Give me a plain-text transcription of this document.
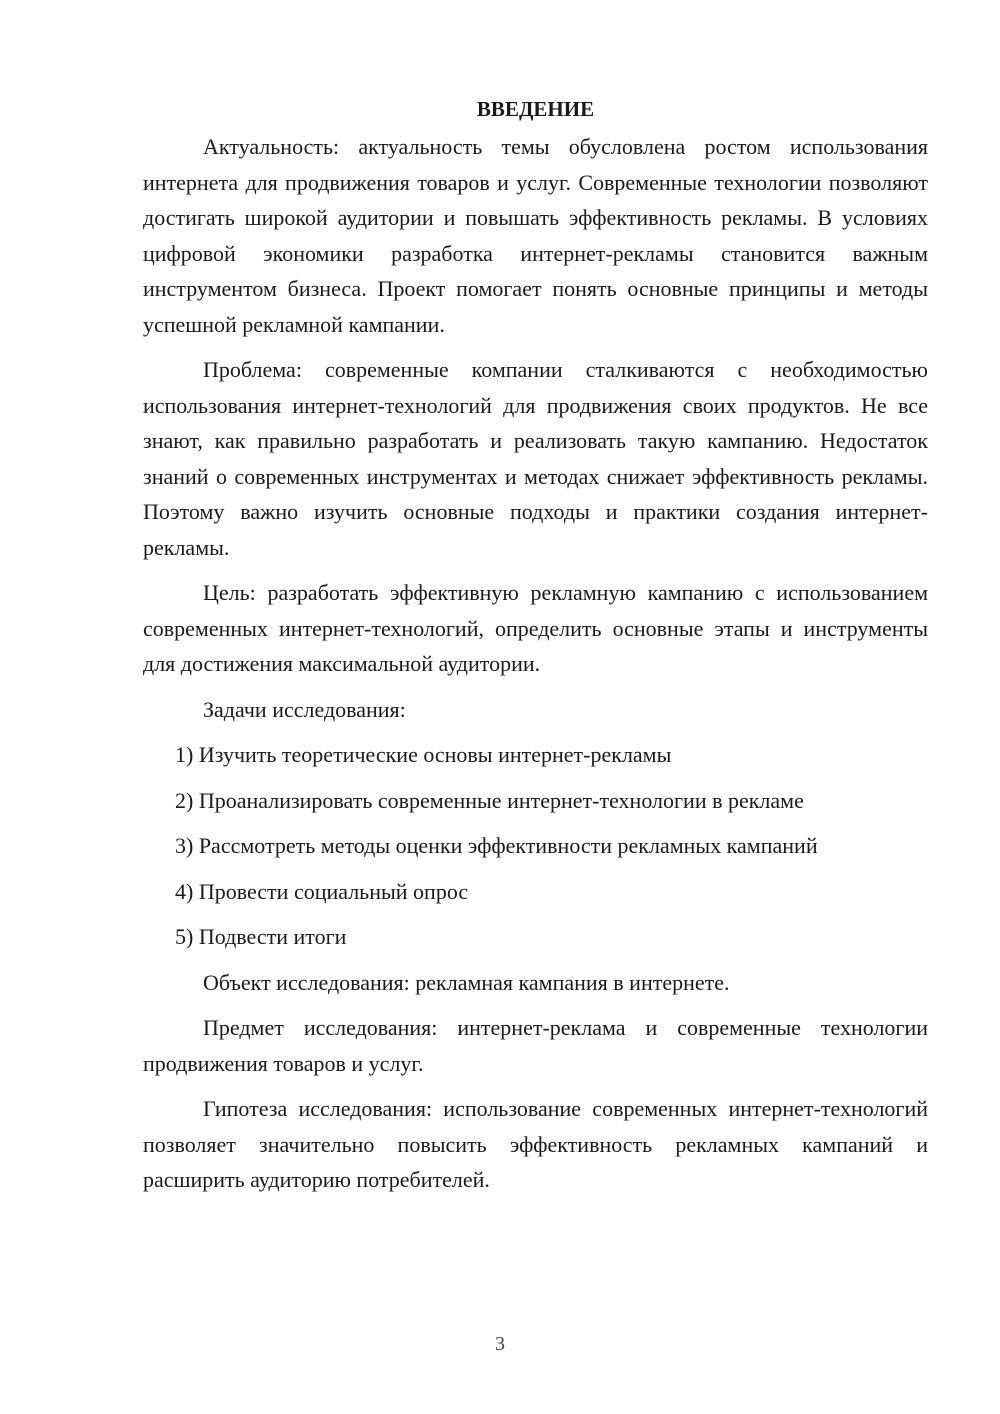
ВВЕДЕНИЕ

Актуальность: актуальность темы обусловлена ростом использования интернета для продвижения товаров и услуг. Современные технологии позволяют достигать широкой аудитории и повышать эффективность рекламы. В условиях цифровой экономики разработка интернет-рекламы становится важным инструментом бизнеса. Проект помогает понять основные принципы и методы успешной рекламной кампании.

Проблема: современные компании сталкиваются с необходимостью использования интернет-технологий для продвижения своих продуктов. Не все знают, как правильно разработать и реализовать такую кампанию. Недостаток знаний о современных инструментах и методах снижает эффективность рекламы. Поэтому важно изучить основные подходы и практики создания интернет-рекламы.

Цель: разработать эффективную рекламную кампанию с использованием современных интернет-технологий, определить основные этапы и инструменты для достижения максимальной аудитории.

Задачи исследования:

1) Изучить теоретические основы интернет-рекламы
2) Проанализировать современные интернет-технологии в рекламе
3) Рассмотреть методы оценки эффективности рекламных кампаний
4) Провести социальный опрос
5) Подвести итоги

Объект исследования: рекламная кампания в интернете.

Предмет исследования: интернет-реклама и современные технологии продвижения товаров и услуг.

Гипотеза исследования: использование современных интернет-технологий позволяет значительно повысить эффективность рекламных кампаний и расширить аудиторию потребителей.

3
